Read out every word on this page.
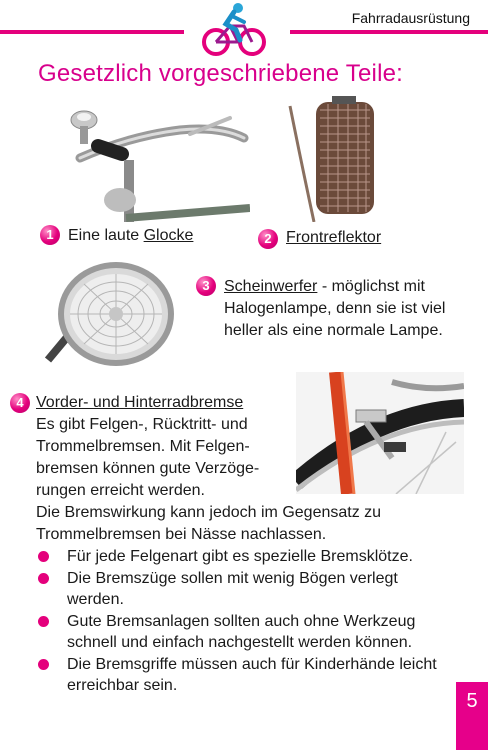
Fahrradausrüstung
Gesetzlich vorgeschriebene Teile:
1 Eine laute Glocke	2 Frontreflektor
3 Scheinwerfer - möglichst mit Halogenlampe, denn sie ist viel heller als eine normale Lampe.
4 Vorder- und Hinterradbremse
Es gibt Felgen-, Rücktritt- und Trommelbremsen. Mit Felgen-bremsen können gute Verzöge-rungen erreicht werden.
Die Bremswirkung kann jedoch im Gegensatz zu Trommelbremsen bei Nässe nachlassen.
Für jede Felgenart gibt es spezielle Bremsklötze.
Die Bremszüge sollen mit wenig Bögen verlegt werden.
Gute Bremsanlagen sollten auch ohne Werkzeug schnell und einfach nachgestellt werden können.
Die Bremsgriffe müssen auch für Kinderhände leicht erreichbar sein.
5
